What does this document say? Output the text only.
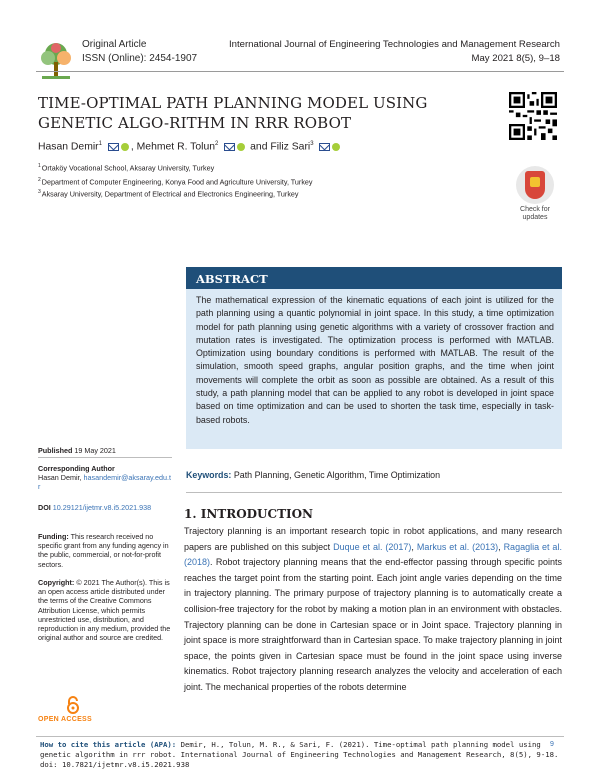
Original Article
ISSN (Online): 2454-1907
International Journal of Engineering Technologies and Management Research
May 2021 8(5), 9–18
TIME-OPTIMAL PATH PLANNING MODEL USING GENETIC ALGO-RITHM IN RRR ROBOT
Hasan Demir$^1$	, Mehmet R. Tolun$^2$	and Filiz Sari$^3$
$^1$Ortaköy Vocational School, Aksaray University, Turkey
$^2$Department of Computer Engineering, Konya Food and Agriculture University, Turkey
$^3$Aksaray University, Department of Electrical and Electronics Engineering, Turkey
Check for
updates
Published 19 May 2021
Corresponding Author
Hasan Demir, hasandemir@aksaray.edu.tr
DOI 10.29121/ijetmr.v8.i5.2021.938
Funding: This research received no specific grant from any funding agency in the public, commercial, or not-for-profit sectors.
Copyright: © 2021 The Author(s). This is an open access article distributed under the terms of the Creative Commons Attribution License, which permits unrestricted use, distribution, and reproduction in any medium, provided the original author and source are credited.
OPEN ACCESS
ABSTRACT
The mathematical expression of the kinematic equations of each joint is utilized for the path planning using a quantic polynomial in joint space. In this study, a time optimization model for path planning using genetic algorithms with a variety of crossover fraction and mutation rates is investigated. The optimization process is performed with MATLAB. Optimization using boundary conditions is performed with MATLAB. The result of the simulation, smooth speed graphs, angular position graphs, and the time when joint movements will complete the orbit as soon as possible are obtained. As a result of this study, a path planning model that can be applied to any robot is developed in joint space based on time optimization and can be used to shorten the task time, especially in task-based robots.
Keywords: Path Planning, Genetic Algorithm, Time Optimization
1. INTRODUCTION
Trajectory planning is an important research topic in robot applications, and many research papers are published on this subject Duque et al. (2017), Markus et al. (2013), Ragaglia et al. (2018). Robot trajectory planning means that the end-effector passing through specific points reaches the target point from the starting point. Each joint angle varies depending on the time in trajectory planning. The primary purpose of trajectory planning is to automatically create a collision-free trajectory for the robot by making a motion plan in an environment with obstacles. Trajectory planning can be done in Cartesian space or in Joint space. Trajectory planning in joint space is more straightforward than in Cartesian space. To make trajectory planning in joint space, the points given in Cartesian space must be found in the joint space using inverse kinematics. Robot trajectory planning research analyzes the velocity and acceleration of each joint. The mechanical properties of the robots determine
How to cite this article (APA): Demir, H., Tolun, M. R., & Sari, F. (2021). Time-optimal path planning model using genetic algorithm in rrr robot. International Journal of Engineering Technologies and Management Research, 8(5), 9-18. doi: 10.7821/ijetmr.v8.i5.2021.938
9
